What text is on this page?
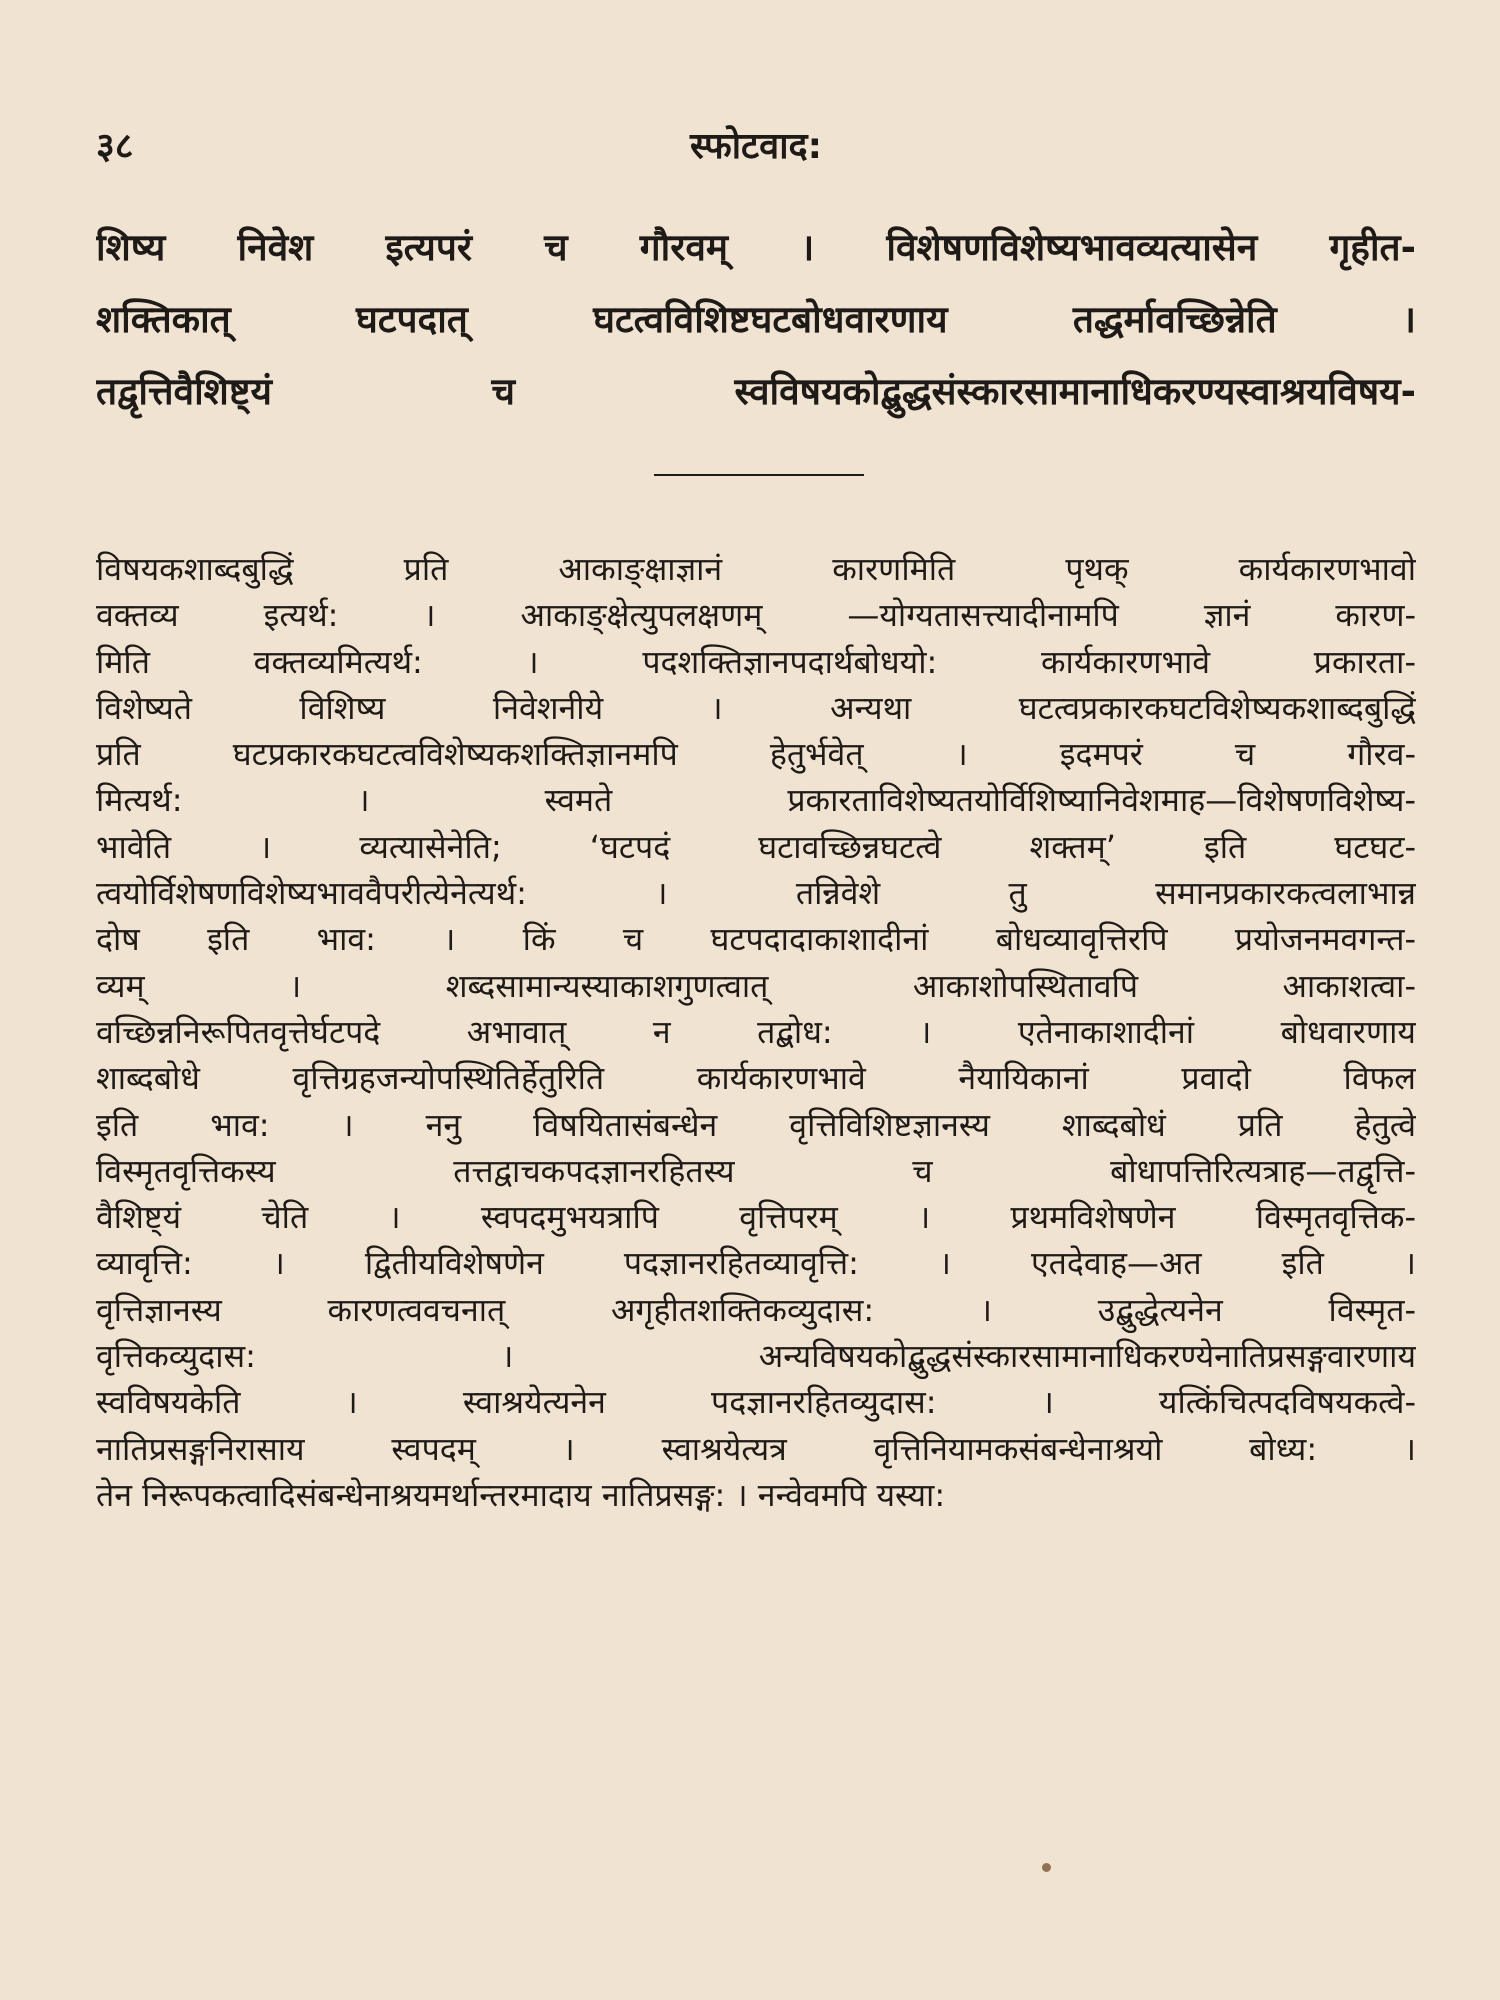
३८	स्फोटवाद:
शिष्य निवेश इत्यपरं च गौरवम् । विशेषणविशेष्यभावव्यत्यासेन गृहीत-
शक्तिकात् घटपदात् घटत्वविशिष्टघटबोधवारणाय तद्धर्मावच्छिन्नेति ।
तद्वृत्तिवैशिष्ट्यं च स्वविषयकोद्बुद्धसंस्कारसामानाधिकरण्यस्वाश्रयविषय-
विषयकशाब्दबुद्धिं प्रति आकाङ्क्षाज्ञानं कारणमिति पृथक् कार्यकारणभावो
वक्तव्य इत्यर्थ: । आकाङ्क्षेत्युपलक्षणम् —योग्यतासत्त्यादीनामपि ज्ञानं कारण-
मिति वक्तव्यमित्यर्थ: । पदशक्तिज्ञानपदार्थबोधयो: कार्यकारणभावे प्रकारता-
विशेष्यते विशिष्य निवेशनीये । अन्यथा घटत्वप्रकारकघटविशेष्यकशाब्दबुद्धिं
प्रति घटप्रकारकघटत्वविशेष्यकशक्तिज्ञानमपि हेतुर्भवेत् । इदमपरं च गौरव-
मित्यर्थ: । स्वमते प्रकारताविशेष्यतयोर्विशिष्यानिवेशमाह—विशेषणविशेष्य-
भावेति । व्यत्यासेनेति; ‘घटपदं घटावच्छिन्नघटत्वे शक्तम्’ इति घटघट-
त्वयोर्विशेषणविशेष्यभाववैपरीत्येनेत्यर्थ: । तन्निवेशे तु समानप्रकारकत्वलाभान्न
दोष इति भाव: । किं च घटपदादाकाशादीनां बोधव्यावृत्तिरपि प्रयोजनमवगन्त-
व्यम् । शब्दसामान्यस्याकाशगुणत्वात् आकाशोपस्थितावपि आकाशत्वा-
वच्छिन्ननिरूपितवृत्तेर्घटपदे अभावात् न तद्बोध: । एतेनाकाशादीनां बोधवारणाय
शाब्दबोधे वृत्तिग्रहजन्योपस्थितिर्हेतुरिति कार्यकारणभावे नैयायिकानां प्रवादो विफल
इति भाव: । ननु विषयितासंबन्धेन वृत्तिविशिष्टज्ञानस्य शाब्दबोधं प्रति हेतुत्वे
विस्मृतवृत्तिकस्य तत्तद्वाचकपदज्ञानरहितस्य च बोधापत्तिरित्यत्राह—तद्वृत्ति-
वैशिष्ट्यं चेति । स्वपदमुभयत्रापि वृत्तिपरम् । प्रथमविशेषणेन विस्मृतवृत्तिक-
व्यावृत्ति: । द्वितीयविशेषणेन पदज्ञानरहितव्यावृत्ति: । एतदेवाह—अत इति ।
वृत्तिज्ञानस्य कारणत्ववचनात् अगृहीतशक्तिकव्युदास: । उद्बुद्धेत्यनेन विस्मृत-
वृत्तिकव्युदास: । अन्यविषयकोद्बुद्धसंस्कारसामानाधिकरण्येनातिप्रसङ्गवारणाय
स्वविषयकेति । स्वाश्रयेत्यनेन पदज्ञानरहितव्युदास: । यत्किंचित्पदविषयकत्वे-
नातिप्रसङ्गनिरासाय स्वपदम् । स्वाश्रयेत्यत्र वृत्तिनियामकसंबन्धेनाश्रयो बोध्य: ।
तेन निरूपकत्वादिसंबन्धेनाश्रयमर्थान्तरमादाय नातिप्रसङ्ग: । नन्वेवमपि यस्या:
